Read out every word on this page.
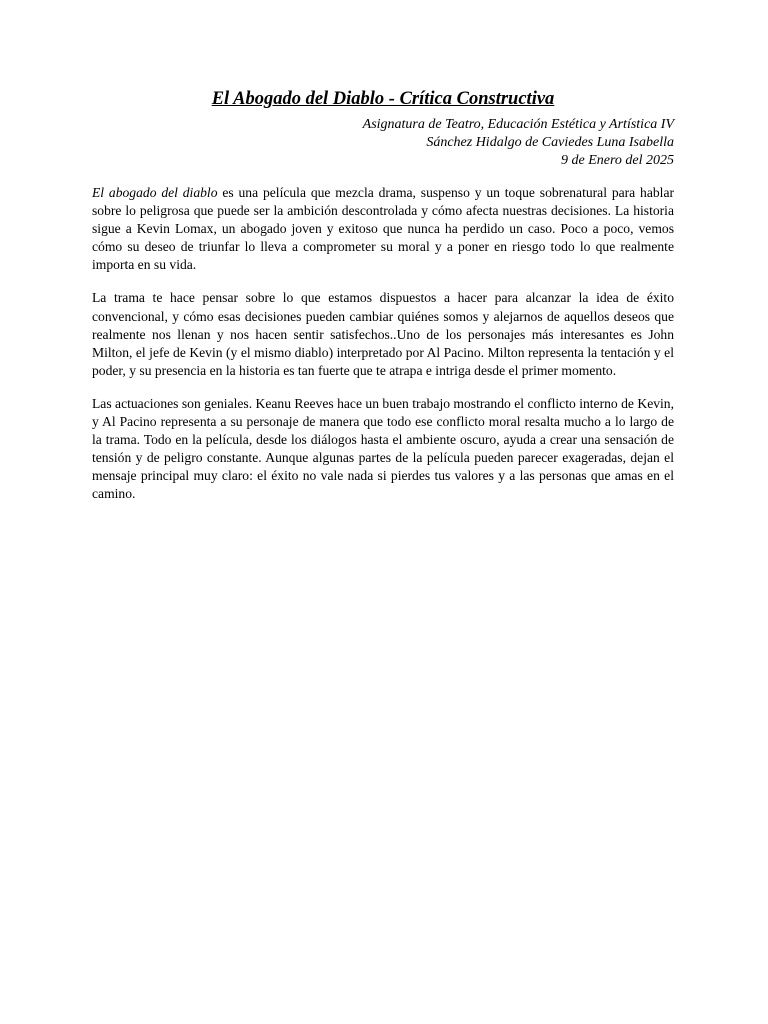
El Abogado del Diablo - Crítica Constructiva
Asignatura de Teatro, Educación Estética y Artística IV
Sánchez Hidalgo de Caviedes Luna Isabella
9 de Enero del 2025

El abogado del diablo es una película que mezcla drama, suspenso y un toque sobrenatural para hablar sobre lo peligrosa que puede ser la ambición descontrolada y cómo afecta nuestras decisiones. La historia sigue a Kevin Lomax, un abogado joven y exitoso que nunca ha perdido un caso. Poco a poco, vemos cómo su deseo de triunfar lo lleva a comprometer su moral y a poner en riesgo todo lo que realmente importa en su vida.

La trama te hace pensar sobre lo que estamos dispuestos a hacer para alcanzar la idea de éxito convencional, y cómo esas decisiones pueden cambiar quiénes somos y alejarnos de aquellos deseos que realmente nos llenan y nos hacen sentir satisfechos..Uno de los personajes más interesantes es John Milton, el jefe de Kevin (y el mismo diablo) interpretado por Al Pacino. Milton representa la tentación y el poder, y su presencia en la historia es tan fuerte que te atrapa e intriga desde el primer momento.

Las actuaciones son geniales. Keanu Reeves hace un buen trabajo mostrando el conflicto interno de Kevin, y Al Pacino representa a su personaje de manera que todo ese conflicto moral resalta mucho a lo largo de la trama. Todo en la película, desde los diálogos hasta el ambiente oscuro, ayuda a crear una sensación de tensión y de peligro constante. Aunque algunas partes de la película pueden parecer exageradas, dejan el mensaje principal muy claro: el éxito no vale nada si pierdes tus valores y a las personas que amas en el camino.
